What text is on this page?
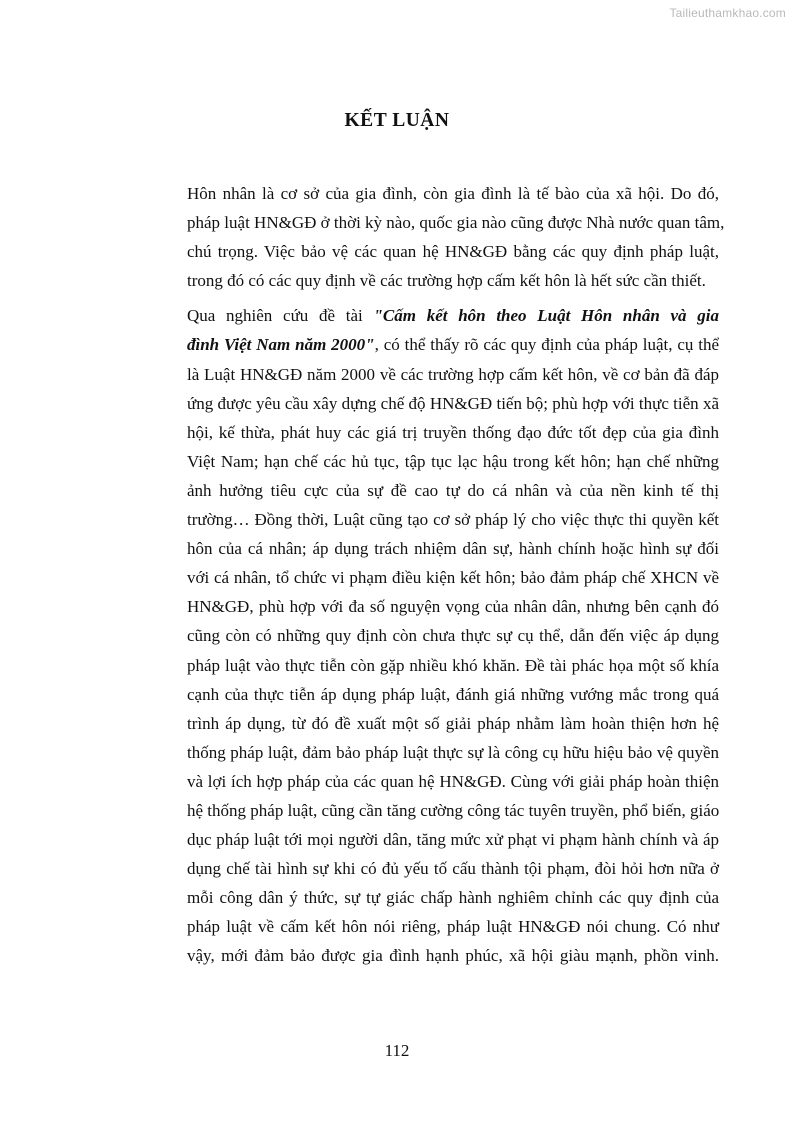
Tailieuthamkhao.com
KẾT LUẬN
Hôn nhân là cơ sở của gia đình, còn gia đình là tế bào của xã hội. Do đó,
pháp luật HN&GĐ ở thời kỳ nào, quốc gia nào cũng được Nhà nước quan tâm,
chú trọng. Việc bảo vệ các quan hệ HN&GĐ bằng các quy định pháp luật,
trong đó có các quy định về các trường hợp cấm kết hôn là hết sức cần thiết.
Qua nghiên cứu đề tài "Cấm kết hôn theo Luật Hôn nhân và gia
đình Việt Nam năm 2000", có thể thấy rõ các quy định của pháp luật, cụ thể
là Luật HN&GĐ năm 2000 về các trường hợp cấm kết hôn, về cơ bản đã đáp
ứng được yêu cầu xây dựng chế độ HN&GĐ tiến bộ; phù hợp với thực tiễn xã
hội, kế thừa, phát huy các giá trị truyền thống đạo đức tốt đẹp của gia đình
Việt Nam; hạn chế các hủ tục, tập tục lạc hậu trong kết hôn; hạn chế những
ảnh hưởng tiêu cực của sự đề cao tự do cá nhân và của nền kinh tế thị
trường… Đồng thời, Luật cũng tạo cơ sở pháp lý cho việc thực thi quyền kết
hôn của cá nhân; áp dụng trách nhiệm dân sự, hành chính hoặc hình sự đối
với cá nhân, tổ chức vi phạm điều kiện kết hôn; bảo đảm pháp chế XHCN về
HN&GĐ, phù hợp với đa số nguyện vọng của nhân dân, nhưng bên cạnh đó
cũng còn có những quy định còn chưa thực sự cụ thể, dẫn đến việc áp dụng
pháp luật vào thực tiễn còn gặp nhiều khó khăn. Đề tài phác họa một số khía
cạnh của thực tiễn áp dụng pháp luật, đánh giá những vướng mắc trong quá
trình áp dụng, từ đó đề xuất một số giải pháp nhằm làm hoàn thiện hơn hệ
thống pháp luật, đảm bảo pháp luật thực sự là công cụ hữu hiệu bảo vệ quyền
và lợi ích hợp pháp của các quan hệ HN&GĐ. Cùng với giải pháp hoàn thiện
hệ thống pháp luật, cũng cần tăng cường công tác tuyên truyền, phổ biến, giáo
dục pháp luật tới mọi người dân, tăng mức xử phạt vi phạm hành chính và áp
dụng chế tài hình sự khi có đủ yếu tố cấu thành tội phạm, đòi hỏi hơn nữa ở
mỗi công dân ý thức, sự tự giác chấp hành nghiêm chỉnh các quy định của
pháp luật về cấm kết hôn nói riêng, pháp luật HN&GĐ nói chung. Có như
vậy, mới đảm bảo được gia đình hạnh phúc, xã hội giàu mạnh, phồn vinh.
112
